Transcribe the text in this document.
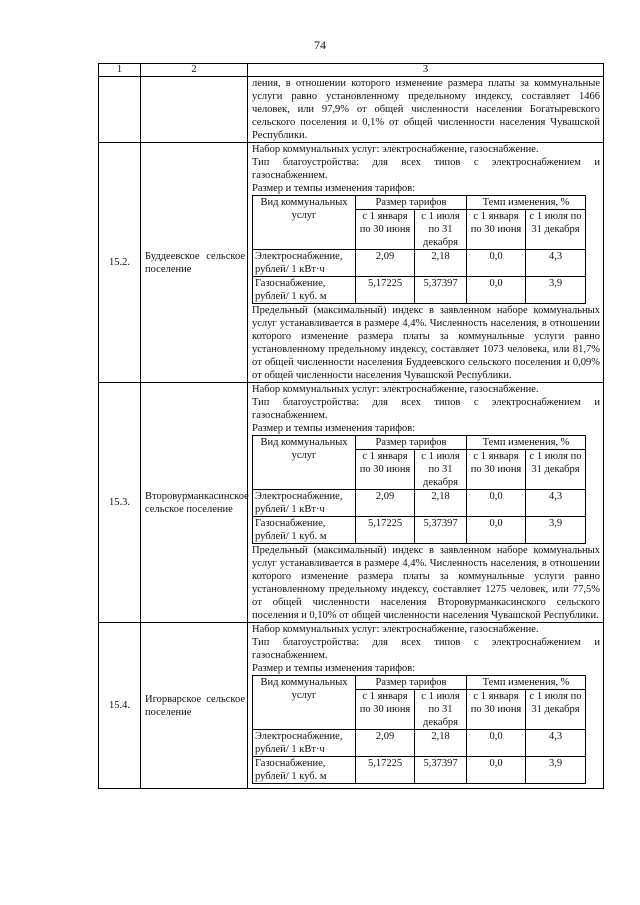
74
1	2	3

ления, в отношении которого изменение размера платы за коммунальные услуги равно установленному предельному индексу, составляет 1466 человек, или 97,9% от общей численности населения Богатыревского сельского поселения и 0,1% от общей численности населения Чувашской Республики.

15.2.	Буддеевское сельское поселение	

Набор коммунальных услуг: электроснабжение, газоснабжение.

Тип благоустройства: для всех типов с электроснабжением и газоснабжением.

Размер и темпы изменения тарифов:

Вид коммунальных услуг	Размер тарифов	Темп изменения, %
с 1 января по 30 июня	с 1 июля по 31 декабря	с 1 января по 30 июня	с 1 июля по 31 декабря
Электроснабжение, рублей/ 1 кВт·ч	2,09	2,18	0,0	4,3
Газоснабжение, рублей/ 1 куб. м	5,17225	5,37397	0,0	3,9

Предельный (максимальный) индекс в заявленном наборе коммунальных услуг устанавливается в размере 4,4%. Численность населения, в отношении которого изменение размера платы за коммунальные услуги равно установленному предельному индексу, составляет 1073 человека, или 81,7% от общей численности населения Буддеевского сельского поселения и 0,09% от общей численности населения Чувашской Республики.

15.3.	Второвурманкасинское сельское поселение	

Набор коммунальных услуг: электроснабжение, газоснабжение.

Тип благоустройства: для всех типов с электроснабжением и газоснабжением.

Размер и темпы изменения тарифов:

Вид коммунальных услуг	Размер тарифов	Темп изменения, %
с 1 января по 30 июня	с 1 июля по 31 декабря	с 1 января по 30 июня	с 1 июля по 31 декабря
Электроснабжение, рублей/ 1 кВт·ч	2,09	2,18	0,0	4,3
Газоснабжение, рублей/ 1 куб. м	5,17225	5,37397	0,0	3,9

Предельный (максимальный) индекс в заявленном наборе коммунальных услуг устанавливается в размере 4,4%. Численность населения, в отношении которого изменение размера платы за коммунальные услуги равно установленному предельному индексу, составляет 1275 человек, или 77,5% от общей численности населения Второвурманкасинского сельского поселения и 0,10% от общей численности населения Чувашской Республики.

15.4.	Игорварское сельское поселение	

Набор коммунальных услуг: электроснабжение, газоснабжение.

Тип благоустройства: для всех типов с электроснабжением и газоснабжением.

Размер и темпы изменения тарифов:

Вид коммунальных услуг	Размер тарифов	Темп изменения, %
с 1 января по 30 июня	с 1 июля по 31 декабря	с 1 января по 30 июня	с 1 июля по 31 декабря
Электроснабжение, рублей/ 1 кВт·ч	2,09	2,18	0,0	4,3
Газоснабжение, рублей/ 1 куб. м	5,17225	5,37397	0,0	3,9
